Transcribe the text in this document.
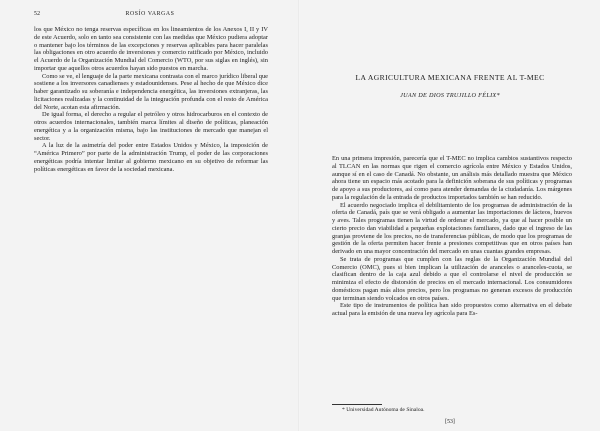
52	ROSÍO VARGAS

los que México no tenga reservas específicas en los lineamientos de los Anexos I, II y IV de este Acuerdo, solo en tanto sea consistente con las medidas que México pudiera adoptar o mantener bajo los términos de las excepciones y reservas aplicables para hacer paralelas las obligaciones en otro acuerdo de inversiones y comercio ratificado por México, incluido el Acuerdo de la Organización Mundial del Comercio (WTO, por sus siglas en inglés), sin importar que aquellos otros acuerdos hayan sido puestos en marcha.

Como se ve, el lenguaje de la parte mexicana contrasta con el marco jurídico liberal que sostiene a los inversores canadienses y estadounidenses. Pese al hecho de que México dice haber garantizado su soberanía e independencia energética, las inversiones extranjeras, las licitaciones realizadas y la continuidad de la integración profunda con el resto de América del Norte, acotan esta afirmación.

De igual forma, el derecho a regular el petróleo y otros hidrocarburos en el contexto de otros acuerdos internacionales, también marca límites al diseño de políticas, planeación energética y a la organización misma, bajo las instituciones de mercado que manejan el sector.

A la luz de la asimetría del poder entre Estados Unidos y México, la imposición de “América Primero” por parte de la administración Trump, el poder de las corporaciones energéticas podría intentar limitar al gobierno mexicano en su objetivo de reformar las políticas energéticas en favor de la sociedad mexicana.

LA AGRICULTURA MEXICANA FRENTE AL T-MEC
JUAN DE DIOS TRUJILLO FÉLIX*

En una primera impresión, parecería que el T-MEC no implica cambios sustantivos respecto al TLCAN en las normas que rigen el comercio agrícola entre México y Estados Unidos, aunque sí en el caso de Canadá. No obstante, un análisis más detallado muestra que México ahora tiene un espacio más acotado para la definición soberana de sus políticas y programas de apoyo a sus productores, así como para atender demandas de la ciudadanía. Los márgenes para la regulación de la entrada de productos importados también se han reducido.

El acuerdo negociado implica el debilitamiento de los programas de administración de la oferta de Canadá, país que se verá obligado a aumentar las importaciones de lácteos, huevos y aves. Tales programas tienen la virtud de ordenar el mercado, ya que al hacer posible un cierto precio dan viabilidad a pequeñas explotaciones familiares, dado que el ingreso de las granjas proviene de los precios, no de transferencias públicas, de modo que los programas de gestión de la oferta permiten hacer frente a presiones competitivas que en otros países han derivado en una mayor concentración del mercado en unas cuantas grandes empresas.

Se trata de programas que cumplen con las reglas de la Organización Mundial del Comercio (OMC), pues si bien implican la utilización de aranceles o aranceles-cuota, se clasifican dentro de la caja azul debido a que el controlarse el nivel de producción se minimiza el efecto de distorsión de precios en el mercado internacional. Los consumidores domésticos pagan más altos precios, pero los programas no generan excesos de producción que terminan siendo volcados en otros países.

Este tipo de instrumentos de política han sido propuestos como alternativa en el debate actual para la emisión de una nueva ley agrícola para Es-

* Universidad Autónoma de Sinaloa.
[53]
